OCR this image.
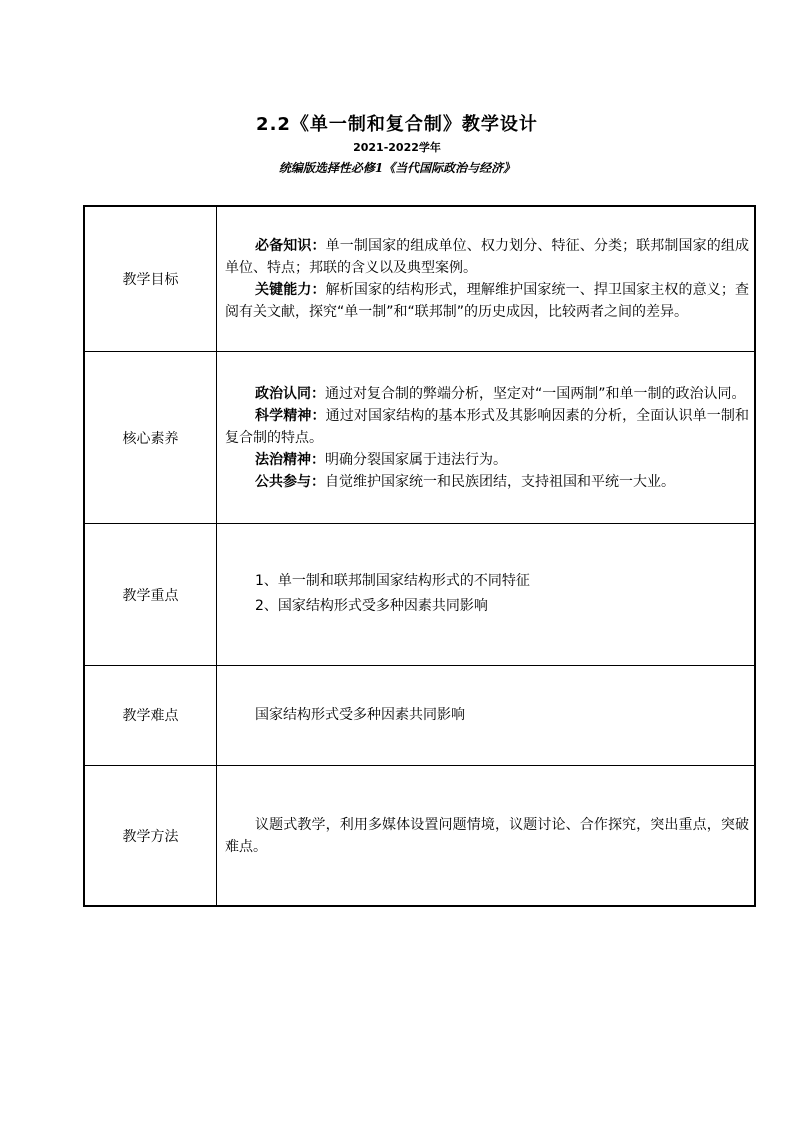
2.2《单一制和复合制》教学设计
2021-2022学年
统编版选择性必修1《当代国际政治与经济》
教学目标	必备知识：单一制国家的组成单位、权力划分、特征、分类；联邦制国家的组成单位、特点；邦联的含义以及典型案例。

关键能力：解析国家的结构形式，理解维护国家统一、捍卫国家主权的意义；查阅有关文献，探究“单一制”和“联邦制”的历史成因，比较两者之间的差异。

核心素养	政治认同：通过对复合制的弊端分析，坚定对“一国两制”和单一制的政治认同。

科学精神：通过对国家结构的基本形式及其影响因素的分析，全面认识单一制和复合制的特点。

法治精神：明确分裂国家属于违法行为。

公共参与：自觉维护国家统一和民族团结，支持祖国和平统一大业。

教学重点	1、单一制和联邦制国家结构形式的不同特征

2、国家结构形式受多种因素共同影响

教学难点	国家结构形式受多种因素共同影响

教学方法	议题式教学，利用多媒体设置问题情境，议题讨论、合作探究，突出重点，突破难点。
